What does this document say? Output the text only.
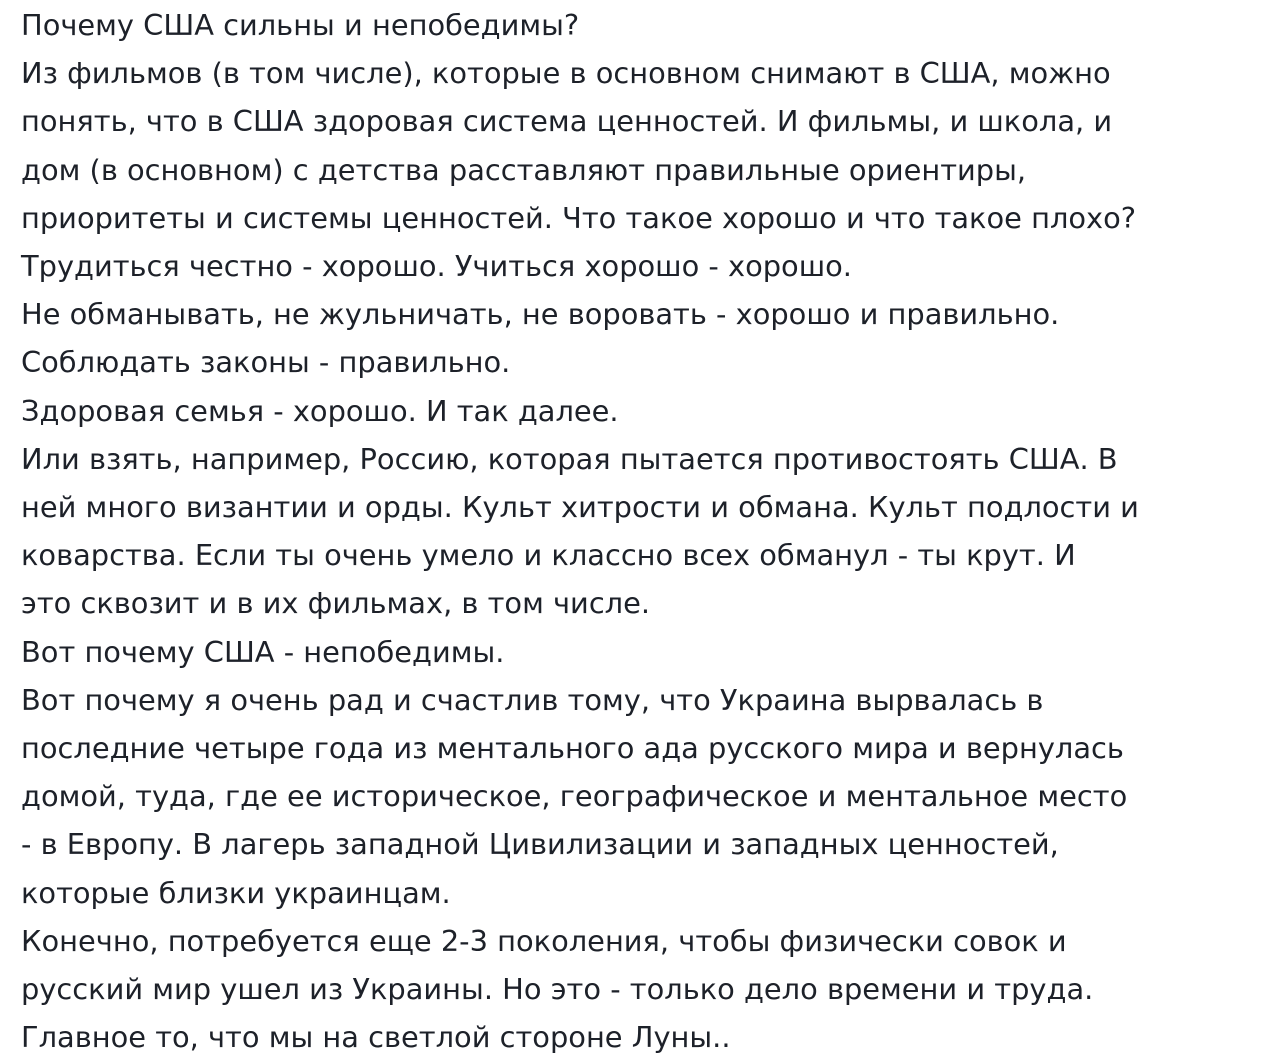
Почему США сильны и непобедимы?
Из фильмов (в том числе), которые в основном снимают в США, можно
понять, что в США здоровая система ценностей. И фильмы, и школа, и
дом (в основном) с детства расставляют правильные ориентиры,
приоритеты и системы ценностей. Что такое хорошо и что такое плохо?
Трудиться честно - хорошо. Учиться хорошо - хорошо.
Не обманывать, не жульничать, не воровать - хорошо и правильно.
Соблюдать законы - правильно.
Здоровая семья - хорошо. И так далее.
Или взять, например, Россию, которая пытается противостоять США. В
ней много византии и орды. Культ хитрости и обмана. Культ подлости и
коварства. Если ты очень умело и классно всех обманул - ты крут. И
это сквозит и в их фильмах, в том числе.
Вот почему США - непобедимы.
Вот почему я очень рад и счастлив тому, что Украина вырвалась в
последние четыре года из ментального ада русского мира и вернулась
домой, туда, где ее историческое, географическое и ментальное место
- в Европу. В лагерь западной Цивилизации и западных ценностей,
которые близки украинцам.
Конечно, потребуется еще 2-3 поколения, чтобы физически совок и
русский мир ушел из Украины. Но это - только дело времени и труда.
Главное то, что мы на светлой стороне Луны..
